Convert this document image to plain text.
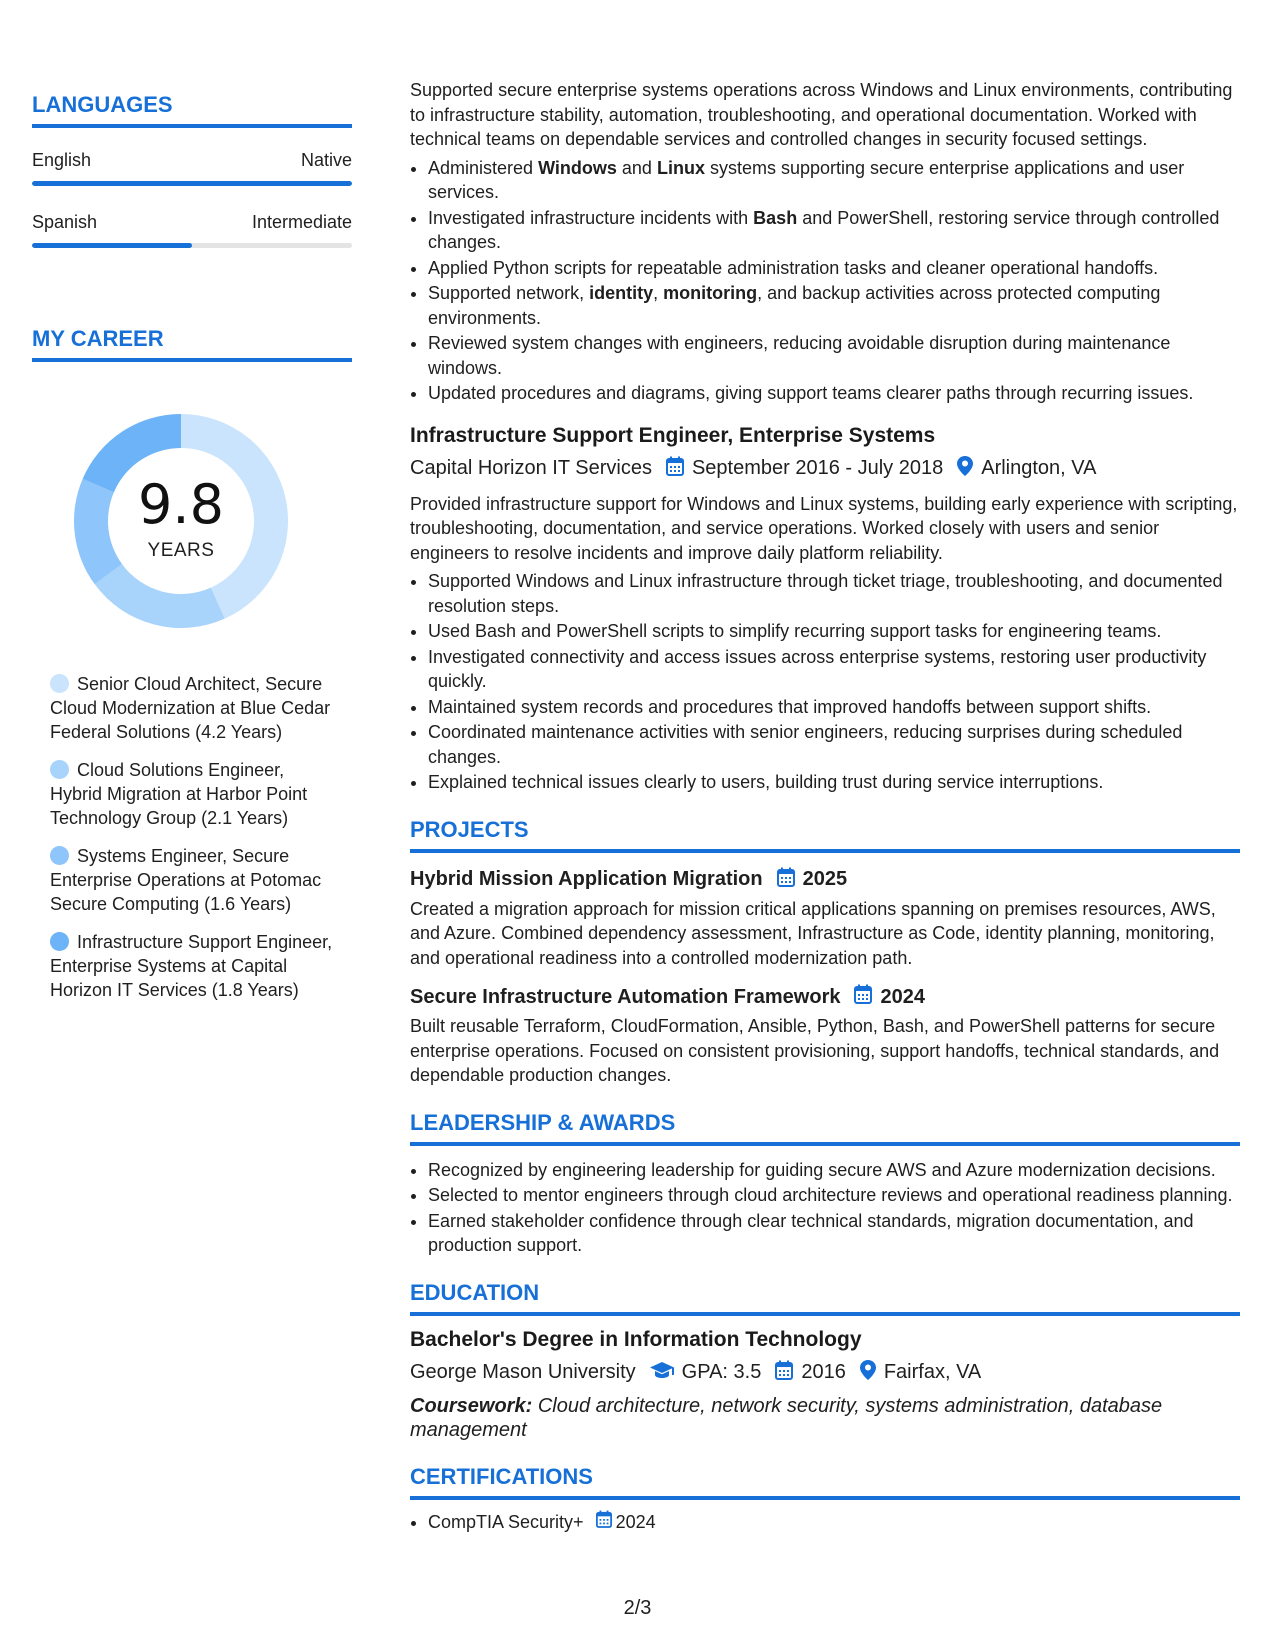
LANGUAGES
English	Native
Spanish	Intermediate
MY CAREER
9.8
YEARS
Senior Cloud Architect, Secure Cloud Modernization at Blue Cedar Federal Solutions (4.2 Years)
Cloud Solutions Engineer, Hybrid Migration at Harbor Point Technology Group (2.1 Years)
Systems Engineer, Secure Enterprise Operations at Potomac Secure Computing (1.6 Years)
Infrastructure Support Engineer, Enterprise Systems at Capital Horizon IT Services (1.8 Years)

Supported secure enterprise systems operations across Windows and Linux environments, contributing to infrastructure stability, automation, troubleshooting, and operational documentation. Worked with technical teams on dependable services and controlled changes in security focused settings.

• Administered Windows and Linux systems supporting secure enterprise applications and user services.
• Investigated infrastructure incidents with Bash and PowerShell, restoring service through controlled changes.
• Applied Python scripts for repeatable administration tasks and cleaner operational handoffs.
• Supported network, identity, monitoring, and backup activities across protected computing environments.
• Reviewed system changes with engineers, reducing avoidable disruption during maintenance windows.
• Updated procedures and diagrams, giving support teams clearer paths through recurring issues.
Infrastructure Support Engineer, Enterprise Systems
Capital Horizon IT Services September 2016 - July 2018 Arlington, VA

Provided infrastructure support for Windows and Linux systems, building early experience with scripting, troubleshooting, documentation, and service operations. Worked closely with users and senior engineers to resolve incidents and improve daily platform reliability.

• Supported Windows and Linux infrastructure through ticket triage, troubleshooting, and documented resolution steps.
• Used Bash and PowerShell scripts to simplify recurring support tasks for engineering teams.
• Investigated connectivity and access issues across enterprise systems, restoring user productivity quickly.
• Maintained system records and procedures that improved handoffs between support shifts.
• Coordinated maintenance activities with senior engineers, reducing surprises during scheduled changes.
• Explained technical issues clearly to users, building trust during service interruptions.
PROJECTS
Hybrid Mission Application Migration 2025

Created a migration approach for mission critical applications spanning on premises resources, AWS, and Azure. Combined dependency assessment, Infrastructure as Code, identity planning, monitoring, and operational readiness into a controlled modernization path.

Secure Infrastructure Automation Framework 2024

Built reusable Terraform, CloudFormation, Ansible, Python, Bash, and PowerShell patterns for secure enterprise operations. Focused on consistent provisioning, support handoffs, technical standards, and dependable production changes.

LEADERSHIP & AWARDS
• Recognized by engineering leadership for guiding secure AWS and Azure modernization decisions.
• Selected to mentor engineers through cloud architecture reviews and operational readiness planning.
• Earned stakeholder confidence through clear technical standards, migration documentation, and production support.
EDUCATION
Bachelor's Degree in Information Technology
George Mason University GPA: 3.5 2016 Fairfax, VA
Coursework: Cloud architecture, network security, systems administration, database management
CERTIFICATIONS
• CompTIA Security+ 2024
2/3
